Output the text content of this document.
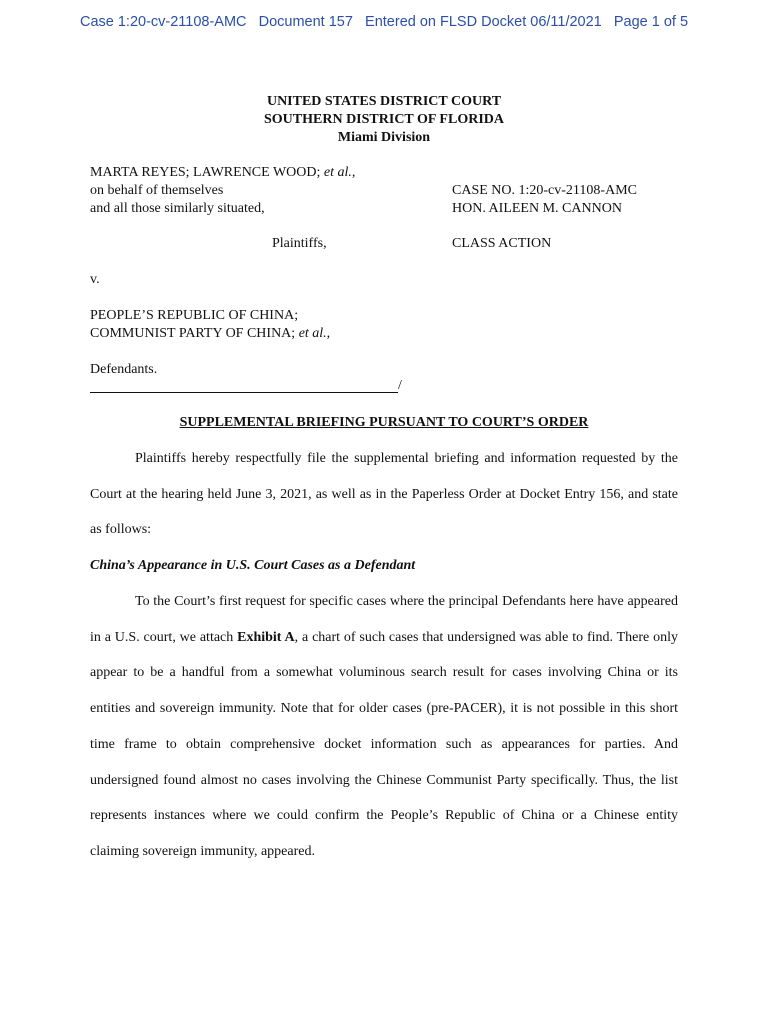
Case 1:20-cv-21108-AMC Document 157 Entered on FLSD Docket 06/11/2021 Page 1 of 5
UNITED STATES DISTRICT COURT
SOUTHERN DISTRICT OF FLORIDA
Miami Division
MARTA REYES; LAWRENCE WOOD; et al.,
on behalf of themselves
and all those similarly situated,
Plaintiffs,
CASE NO. 1:20-cv-21108-AMC
HON. AILEEN M. CANNON
CLASS ACTION
v.
PEOPLE’S REPUBLIC OF CHINA;
COMMUNIST PARTY OF CHINA; et al.,
Defendants.
/
SUPPLEMENTAL BRIEFING PURSUANT TO COURT’S ORDER
Plaintiffs hereby respectfully file the supplemental briefing and information requested by the Court at the hearing held June 3, 2021, as well as in the Paperless Order at Docket Entry 156, and state as follows:
China’s Appearance in U.S. Court Cases as a Defendant
To the Court’s first request for specific cases where the principal Defendants here have appeared in a U.S. court, we attach Exhibit A, a chart of such cases that undersigned was able to find. There only appear to be a handful from a somewhat voluminous search result for cases involving China or its entities and sovereign immunity. Note that for older cases (pre-PACER), it is not possible in this short time frame to obtain comprehensive docket information such as appearances for parties. And undersigned found almost no cases involving the Chinese Communist Party specifically. Thus, the list represents instances where we could confirm the People’s Republic of China or a Chinese entity claiming sovereign immunity, appeared.
